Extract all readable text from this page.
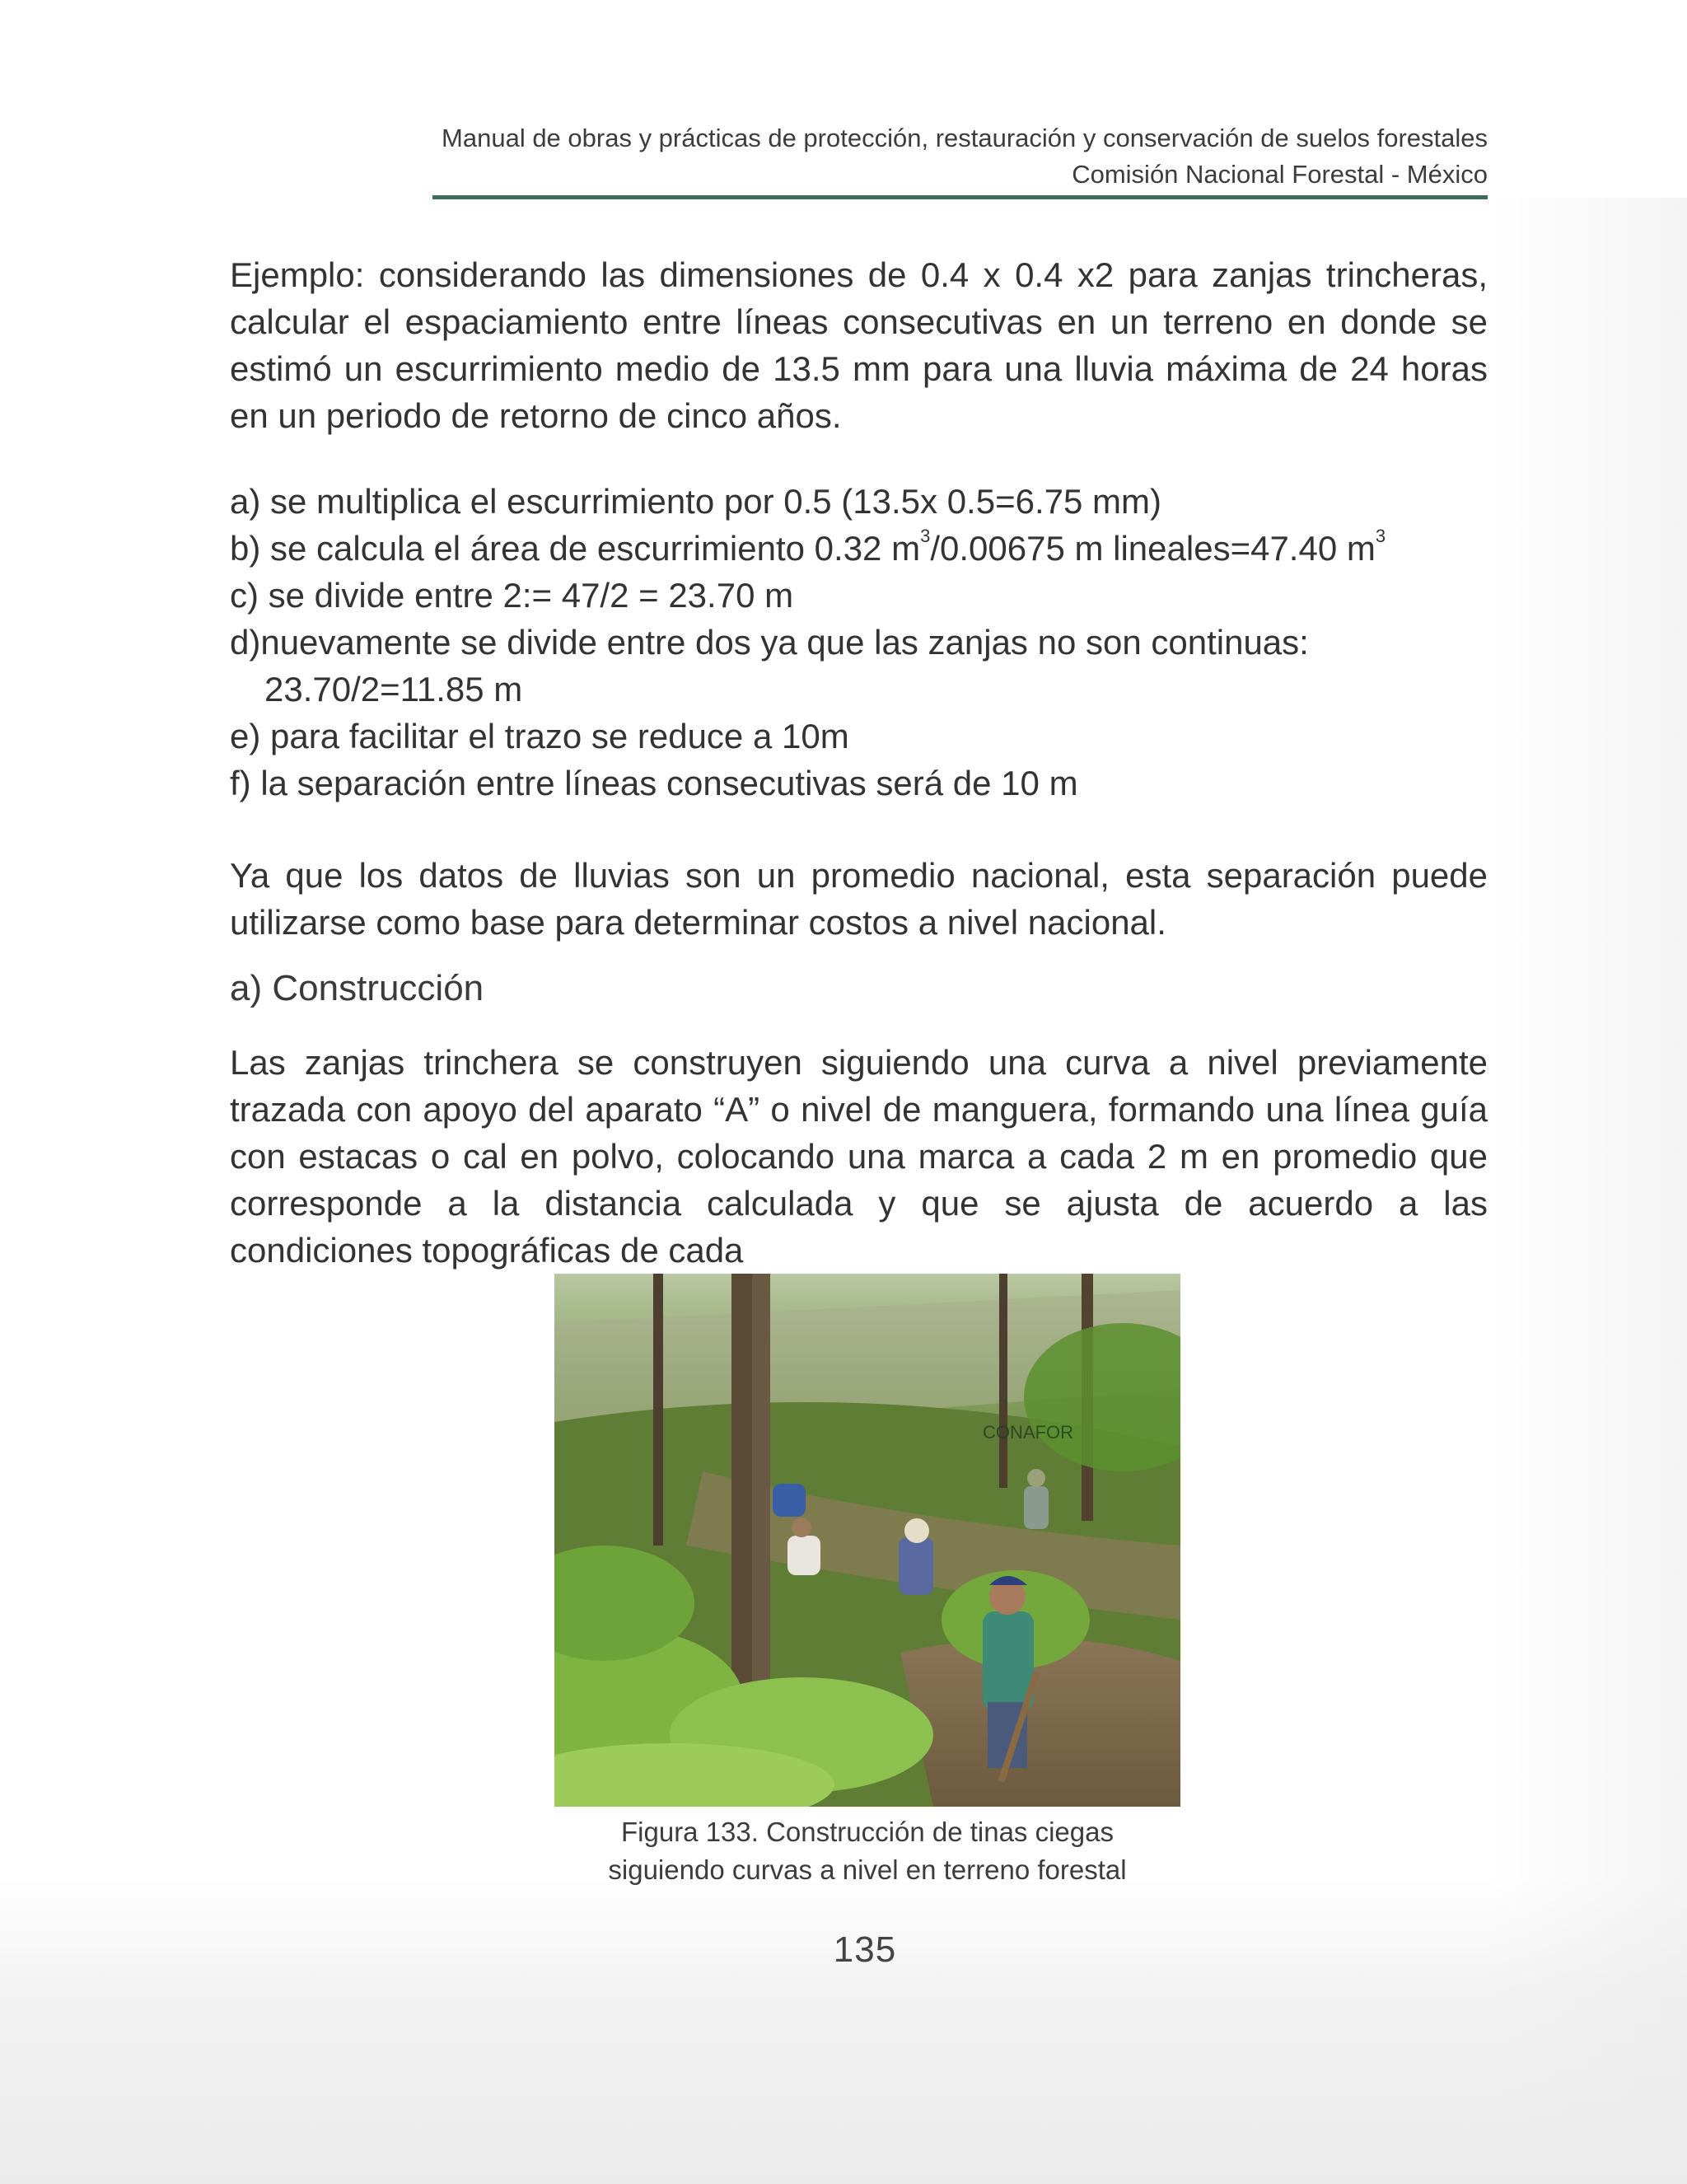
Manual de obras y prácticas de protección, restauración y conservación de suelos forestales
Comisión Nacional Forestal - México
Ejemplo: considerando las dimensiones de 0.4 x 0.4 x2 para zanjas trincheras, calcular el espaciamiento entre líneas consecutivas en un terreno en donde se estimó un escurrimiento medio de 13.5 mm para una lluvia máxima de 24 horas en un periodo de retorno de cinco años.

a) se multiplica el escurrimiento por 0.5 (13.5x 0.5=6.75 mm)

b) se calcula el área de escurrimiento 0.32 $m^3/0.00675$ m lineales=47.40 $m^3$

c) se divide entre 2:= 47/2 = 23.70 m

d)nuevamente se divide entre dos ya que las zanjas no son continuas:

23.70/2=11.85 m

e) para facilitar el trazo se reduce a 10m

f) la separación entre líneas consecutivas será de 10 m

Ya que los datos de lluvias son un promedio nacional, esta separación puede utilizarse como base para determinar costos a nivel nacional.
a) Construcción
Las zanjas trinchera se construyen siguiendo una curva a nivel previamente trazada con apoyo del aparato “A” o nivel de manguera, formando una línea guía con estacas o cal en polvo, colocando una marca a cada 2 m en promedio que corresponde a la distancia calculada y que se ajusta de acuerdo a las condiciones topográficas de cada
CONAFOR
Figura 133. Construcción de tinas ciegas
siguiendo curvas a nivel en terreno forestal
135
